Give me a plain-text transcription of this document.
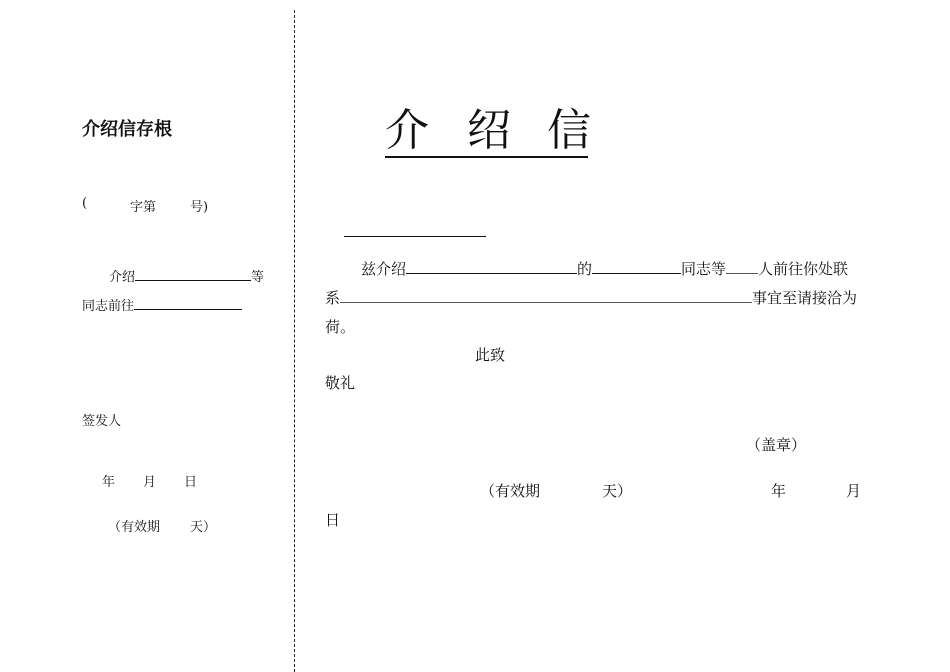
介绍信存根
(	字第	号)
介绍	等
同志前往
签发人
年 月 日
（有效期 天）
介 绍 信
兹介绍	的	同志等 人前往你处联
系	事宜至请接洽为
荷。
此致
敬礼
（盖章）
（有效期	天）	年	月
日
